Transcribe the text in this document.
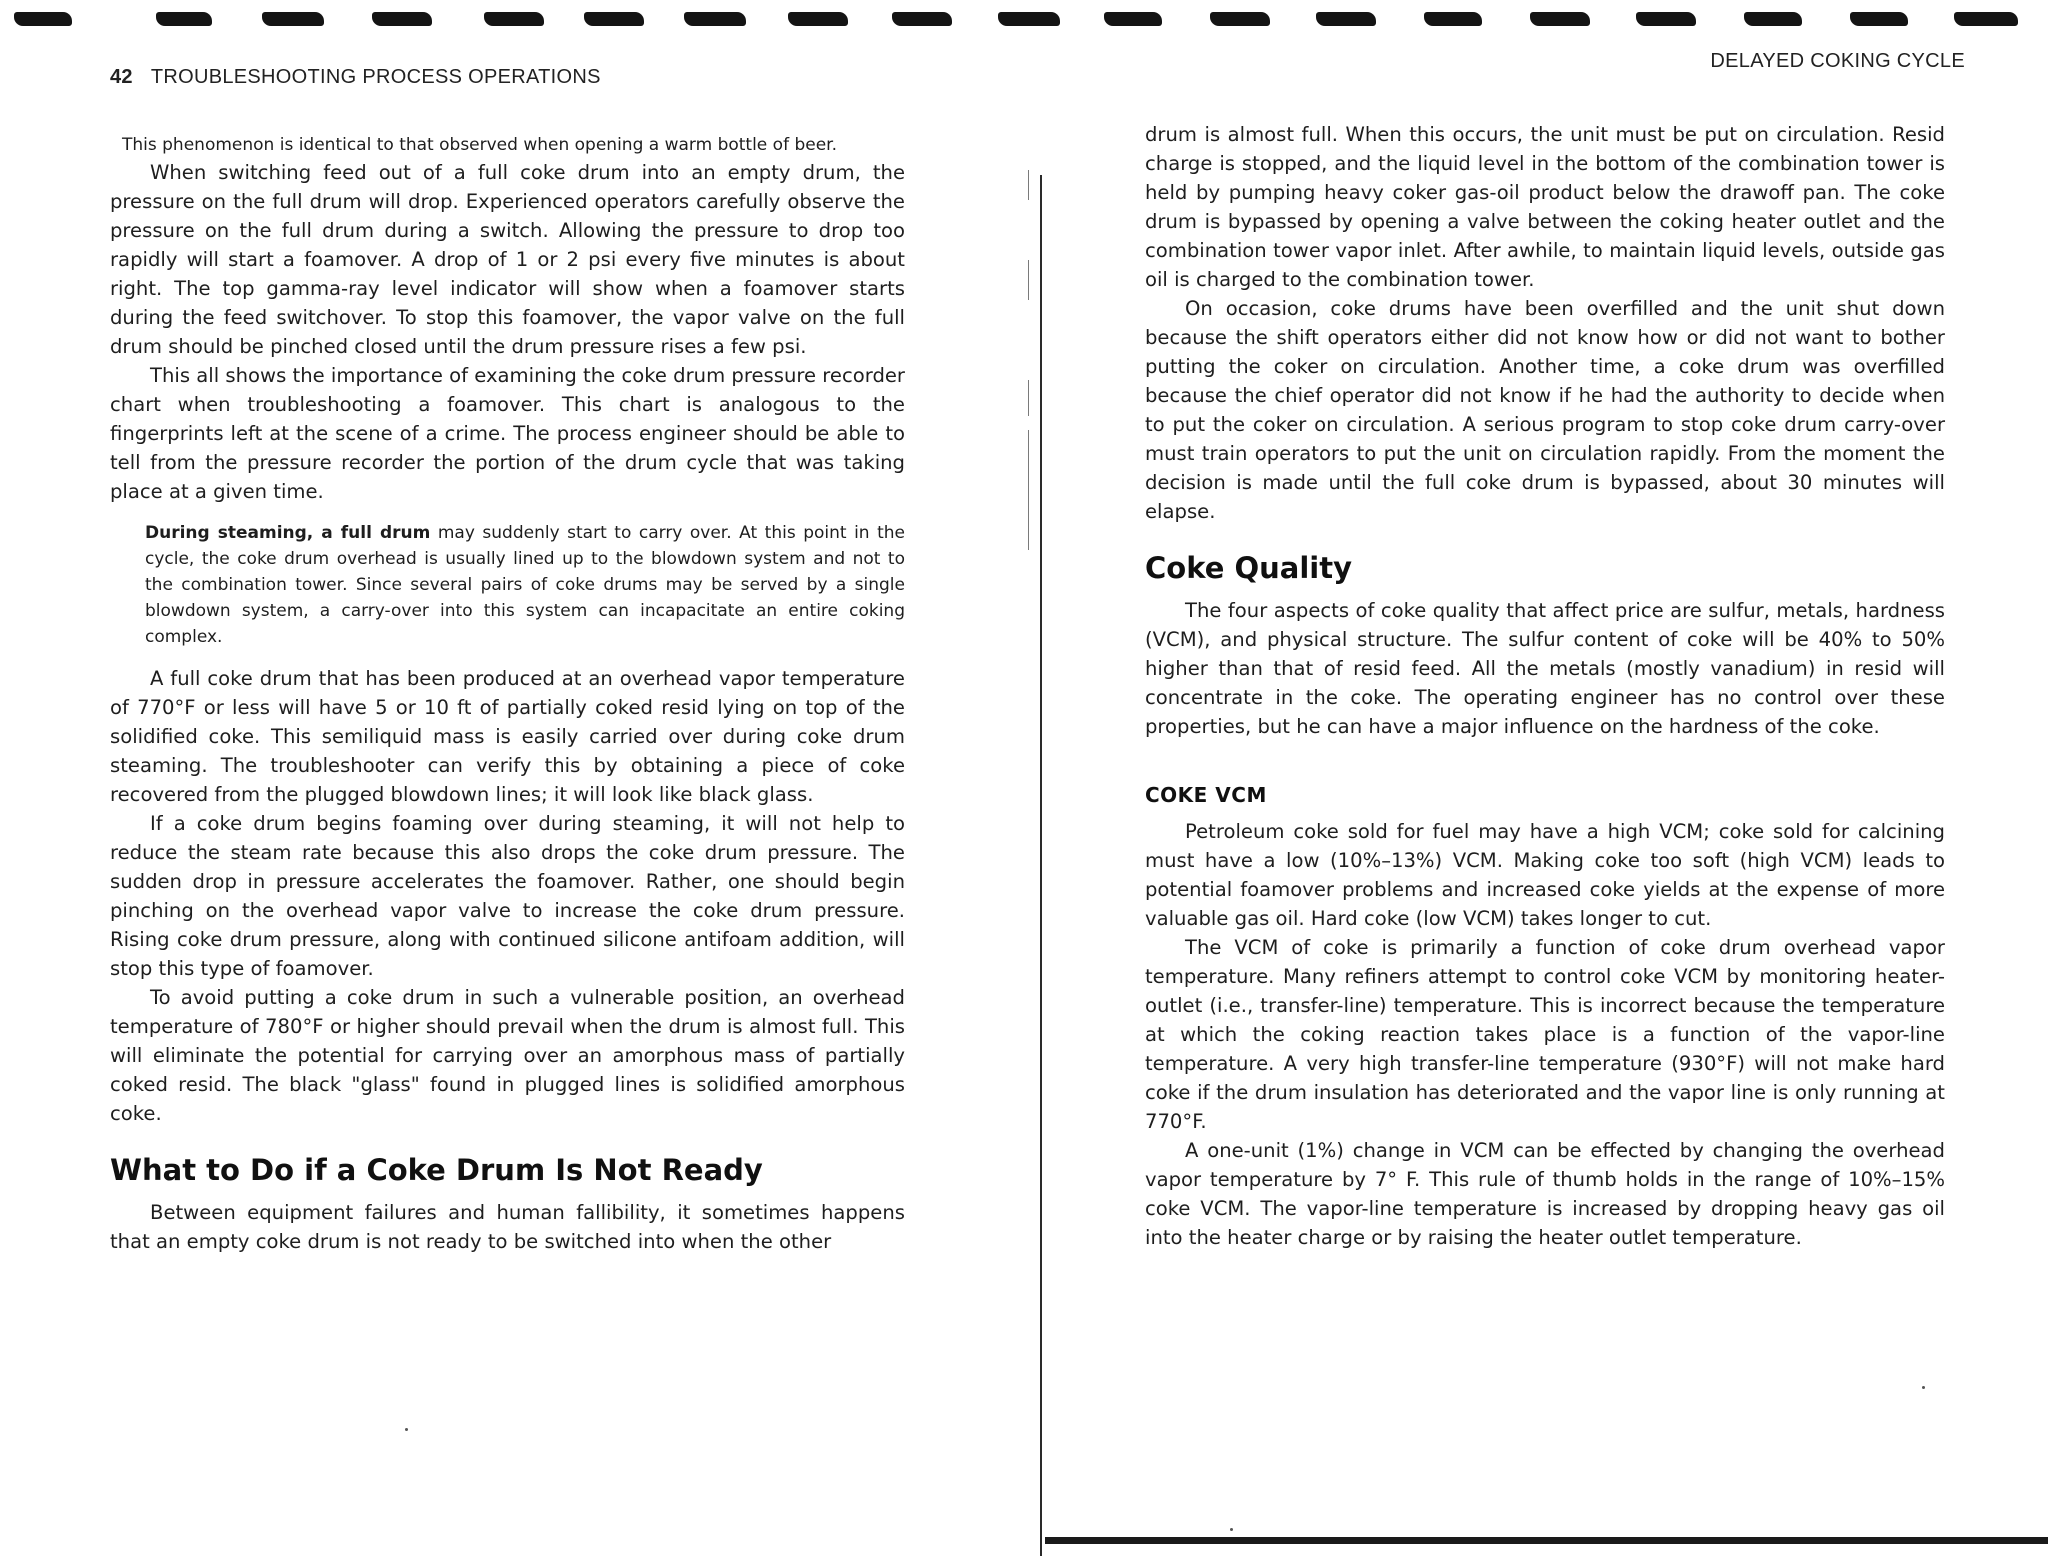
42 TROUBLESHOOTING PROCESS OPERATIONS

This phenomenon is identical to that observed when opening a warm bottle of beer.

When switching feed out of a full coke drum into an empty drum, the pressure on the full drum will drop. Experienced operators carefully observe the pressure on the full drum during a switch. Allowing the pressure to drop too rapidly will start a foamover. A drop of 1 or 2 psi every five minutes is about right. The top gamma-ray level indicator will show when a foamover starts during the feed switchover. To stop this foamover, the vapor valve on the full drum should be pinched closed until the drum pressure rises a few psi.

This all shows the importance of examining the coke drum pressure recorder chart when troubleshooting a foamover. This chart is analogous to the fingerprints left at the scene of a crime. The process engineer should be able to tell from the pressure recorder the portion of the drum cycle that was taking place at a given time.

During steaming, a full drum may suddenly start to carry over. At this point in the cycle, the coke drum overhead is usually lined up to the blowdown system and not to the combination tower. Since several pairs of coke drums may be served by a single blowdown system, a carry-over into this system can incapacitate an entire coking complex.

A full coke drum that has been produced at an overhead vapor temperature of 770°F or less will have 5 or 10 ft of partially coked resid lying on top of the solidified coke. This semiliquid mass is easily carried over during coke drum steaming. The troubleshooter can verify this by obtaining a piece of coke recovered from the plugged blowdown lines; it will look like black glass.

If a coke drum begins foaming over during steaming, it will not help to reduce the steam rate because this also drops the coke drum pressure. The sudden drop in pressure accelerates the foamover. Rather, one should begin pinching on the overhead vapor valve to increase the coke drum pressure. Rising coke drum pressure, along with continued silicone antifoam addition, will stop this type of foamover.

To avoid putting a coke drum in such a vulnerable position, an overhead temperature of 780°F or higher should prevail when the drum is almost full. This will eliminate the potential for carrying over an amorphous mass of partially coked resid. The black "glass" found in plugged lines is solidified amorphous coke.

What to Do if a Coke Drum Is Not Ready

Between equipment failures and human fallibility, it sometimes happens that an empty coke drum is not ready to be switched into when the other

DELAYED COKING CYCLE

drum is almost full. When this occurs, the unit must be put on circulation. Resid charge is stopped, and the liquid level in the bottom of the combination tower is held by pumping heavy coker gas-oil product below the drawoff pan. The coke drum is bypassed by opening a valve between the coking heater outlet and the combination tower vapor inlet. After awhile, to maintain liquid levels, outside gas oil is charged to the combination tower.

On occasion, coke drums have been overfilled and the unit shut down because the shift operators either did not know how or did not want to bother putting the coker on circulation. Another time, a coke drum was overfilled because the chief operator did not know if he had the authority to decide when to put the coker on circulation. A serious program to stop coke drum carry-over must train operators to put the unit on circulation rapidly. From the moment the decision is made until the full coke drum is bypassed, about 30 minutes will elapse.

Coke Quality

The four aspects of coke quality that affect price are sulfur, metals, hardness (VCM), and physical structure. The sulfur content of coke will be 40% to 50% higher than that of resid feed. All the metals (mostly vanadium) in resid will concentrate in the coke. The operating engineer has no control over these properties, but he can have a major influence on the hardness of the coke.

COKE VCM

Petroleum coke sold for fuel may have a high VCM; coke sold for calcining must have a low (10%–13%) VCM. Making coke too soft (high VCM) leads to potential foamover problems and increased coke yields at the expense of more valuable gas oil. Hard coke (low VCM) takes longer to cut.

The VCM of coke is primarily a function of coke drum overhead vapor temperature. Many refiners attempt to control coke VCM by monitoring heater-outlet (i.e., transfer-line) temperature. This is incorrect because the temperature at which the coking reaction takes place is a function of the vapor-line temperature. A very high transfer-line temperature (930°F) will not make hard coke if the drum insulation has deteriorated and the vapor line is only running at 770°F.

A one-unit (1%) change in VCM can be effected by changing the overhead vapor temperature by 7° F. This rule of thumb holds in the range of 10%–15% coke VCM. The vapor-line temperature is increased by dropping heavy gas oil into the heater charge or by raising the heater outlet temperature.
